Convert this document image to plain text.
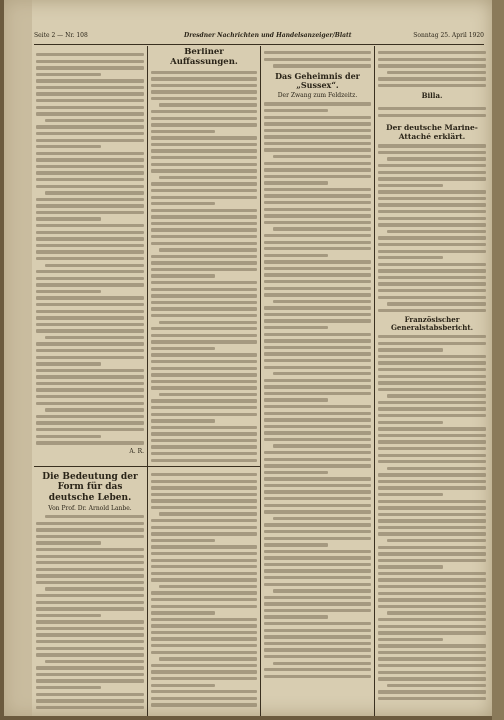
Seite 2 — Nr. 108	Dresdner Nachrichten und Handelsanzeiger/Blatt	Sonntag 25. April 1920
A. R.
Berliner Auffassungen.
Das Geheimnis der „Sussex“.
Der Zwang zum Feldzeitz.	Billa.
Der deutsche Marine-Attaché erklärt.
Französischer Generalstabsbericht.
Die Bedeutung der Form für das deutsche Leben.
Von Prof. Dr. Arnold Lanbe.
